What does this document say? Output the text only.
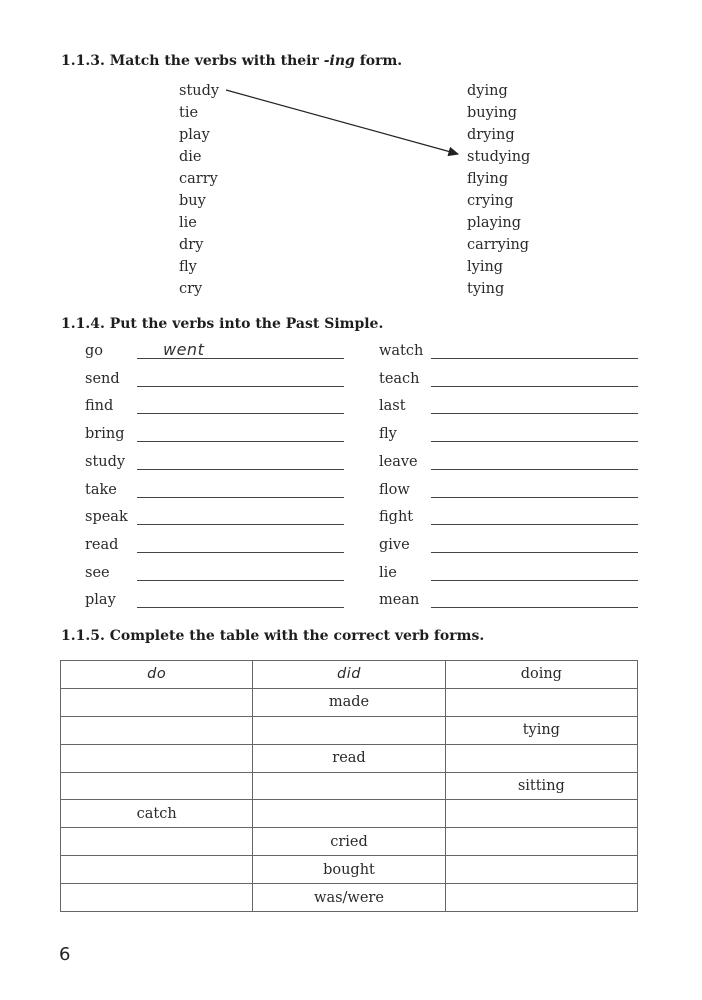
1.1.3. Match the verbs with their -ing form.
study
tie
play
die
carry
buy
lie
dry
fly
cry
dying
buying
drying
studying
flying
crying
playing
carrying
lying
tying
1.1.4. Put the verbs into the Past Simple.
go	went
send
find
bring
study
take
speak
read
see
play
watch
teach
last
fly
leave
flow
fight
give
lie
mean
1.1.5. Complete the table with the correct verb forms.
do	did	doing
	made	
		tying
	read	
		sitting
catch		
	cried	
	bought	
	was/were	
6
